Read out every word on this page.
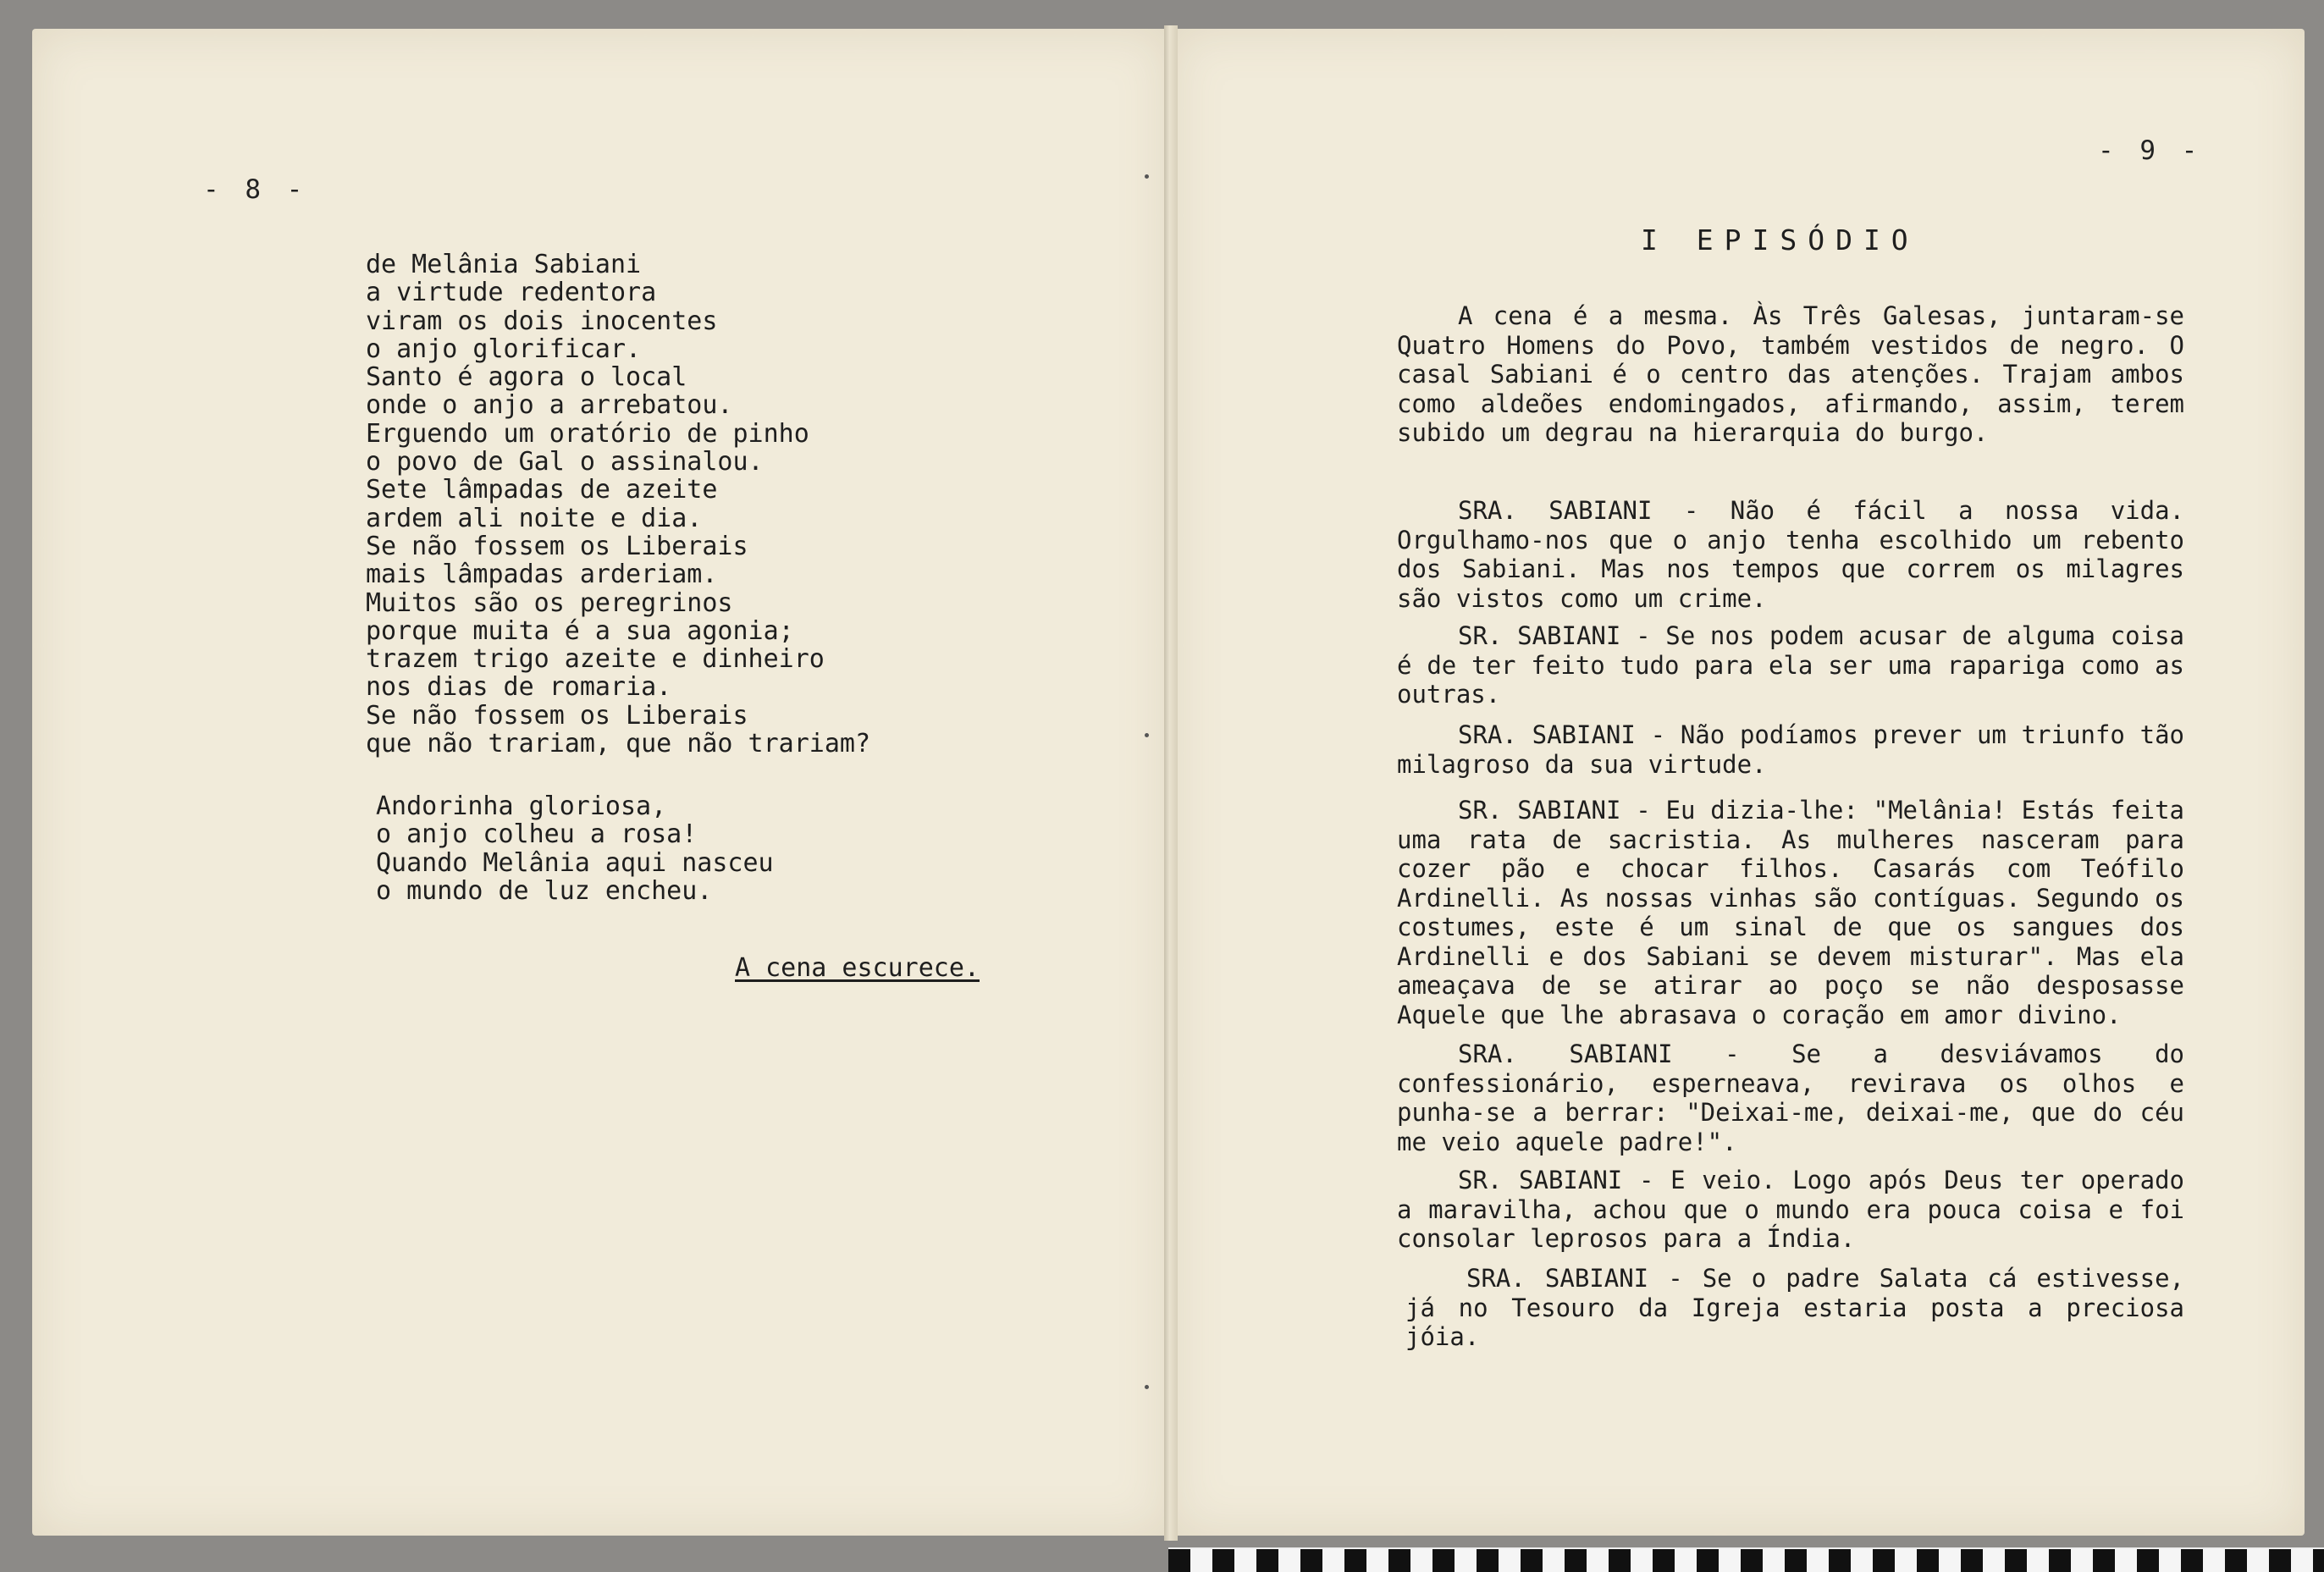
- 8 -
de Melânia Sabiani
a virtude redentora
viram os dois inocentes
o anjo glorificar.
Santo é agora o local
onde o anjo a arrebatou.
Erguendo um oratório de pinho
o povo de Gal o assinalou.
Sete lâmpadas de azeite
ardem ali noite e dia.
Se não fossem os Liberais
mais lâmpadas arderiam.
Muitos são os peregrinos
porque muita é a sua agonia;
trazem trigo azeite e dinheiro
nos dias de romaria.
Se não fossem os Liberais
que não trariam, que não trariam?
Andorinha gloriosa,
o anjo colheu a rosa!
Quando Melânia aqui nasceu
o mundo de luz encheu.
A cena escurece.
- 9 -
I EPISÓDIO
A cena é a mesma. Às Três Galesas, juntaram-se Quatro Homens do Povo, também vestidos de negro. O casal Sabiani é o centro das atenções. Trajam ambos como aldeões endomingados, afirmando, assim, terem subido um degrau na hierarquia do burgo.
SRA. SABIANI - Não é fácil a nossa vida. Orgulhamo-nos que o anjo tenha escolhido um rebento dos Sabiani. Mas nos tempos que correm os milagres são vistos como um crime.
SR. SABIANI - Se nos podem acusar de alguma coisa é de ter feito tudo para ela ser uma rapariga como as outras.
SRA. SABIANI - Não podíamos prever um triunfo tão milagroso da sua virtude.
SR. SABIANI - Eu dizia-lhe: "Melânia! Estás feita uma rata de sacristia. As mulheres nasceram para cozer pão e chocar filhos. Casarás com Teófilo Ardinelli. As nossas vinhas são contíguas. Segundo os costumes, este é um sinal de que os sangues dos Ardinelli e dos Sabiani se devem misturar". Mas ela ameaçava de se atirar ao poço se não desposasse Aquele que lhe abrasava o coração em amor divino.
SRA. SABIANI - Se a desviávamos do confessionário, esperneava, revirava os olhos e punha-se a berrar: "Deixai-me, deixai-me, que do céu me veio aquele padre!".
SR. SABIANI - E veio. Logo após Deus ter operado a maravilha, achou que o mundo era pouca coisa e foi consolar leprosos para a Índia.
SRA. SABIANI - Se o padre Salata cá estivesse, já no Tesouro da Igreja estaria posta a preciosa jóia.
